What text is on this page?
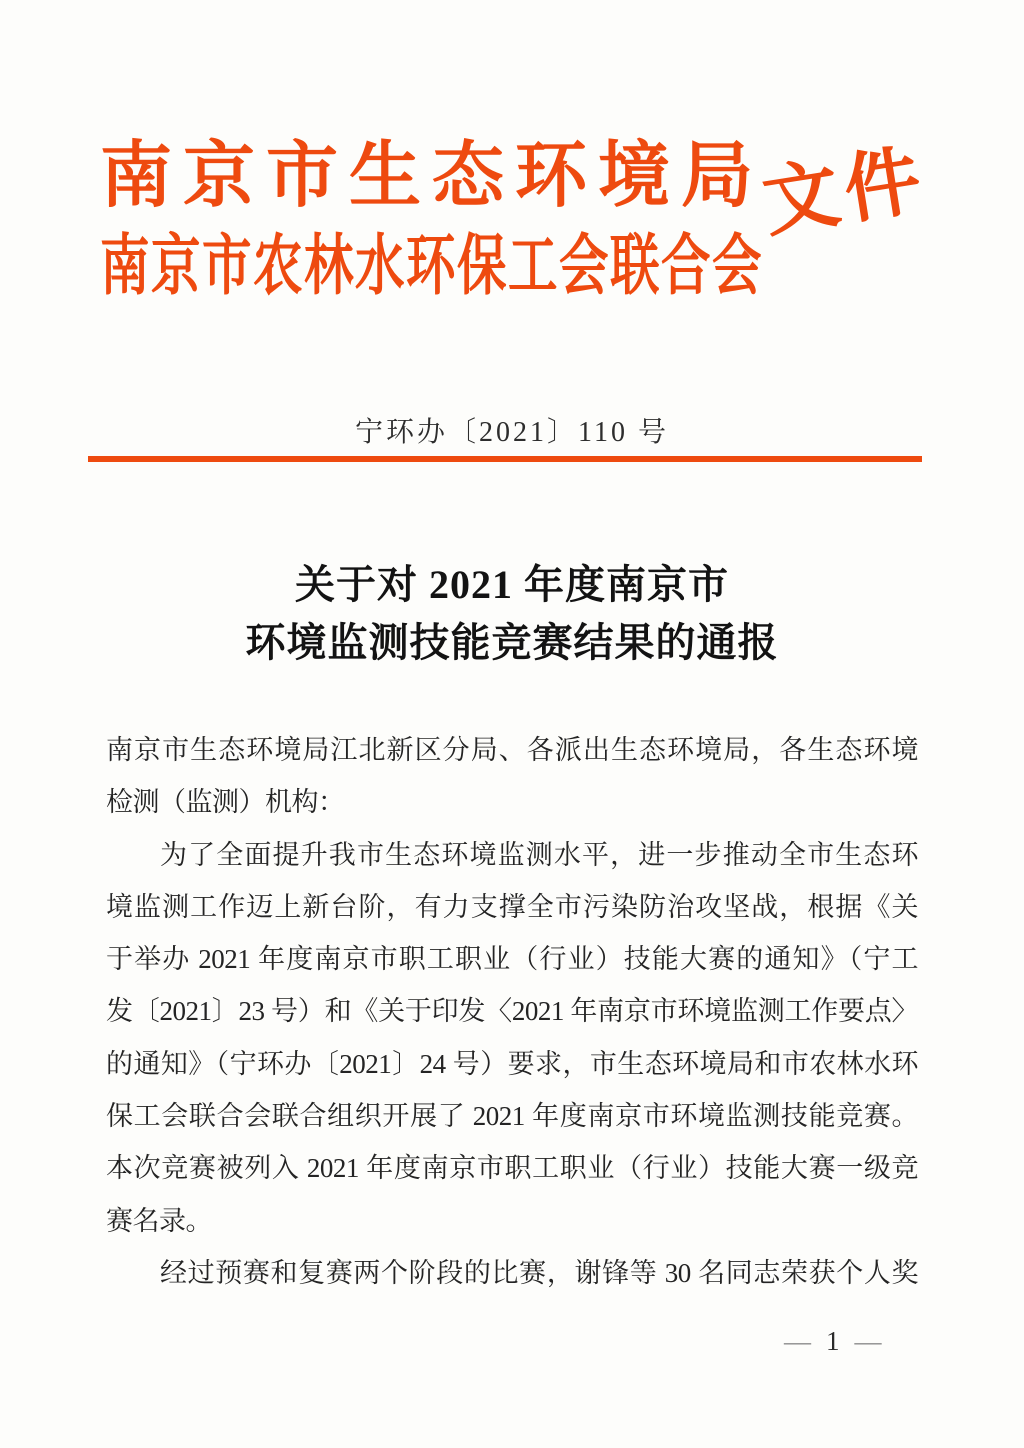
南京市生态环境局
南京市农林水环保工会联合会
文件
宁环办〔2021〕110 号
关于对 2021 年度南京市
环境监测技能竞赛结果的通报
南京市生态环境局江北新区分局、各派出生态环境局，各生态环境
检测（监测）机构：
为了全面提升我市生态环境监测水平，进一步推动全市生态环
境监测工作迈上新台阶，有力支撑全市污染防治攻坚战，根据《关
于举办 2021 年度南京市职工职业（行业）技能大赛的通知》（宁工
发〔2021〕23 号）和《关于印发〈2021 年南京市环境监测工作要点〉
的通知》（宁环办〔2021〕24 号）要求，市生态环境局和市农林水环
保工会联合会联合组织开展了 2021 年度南京市环境监测技能竞赛。
本次竞赛被列入 2021 年度南京市职工职业（行业）技能大赛一级竞
赛名录。
经过预赛和复赛两个阶段的比赛，谢锋等 30 名同志荣获个人奖
— 1 —
